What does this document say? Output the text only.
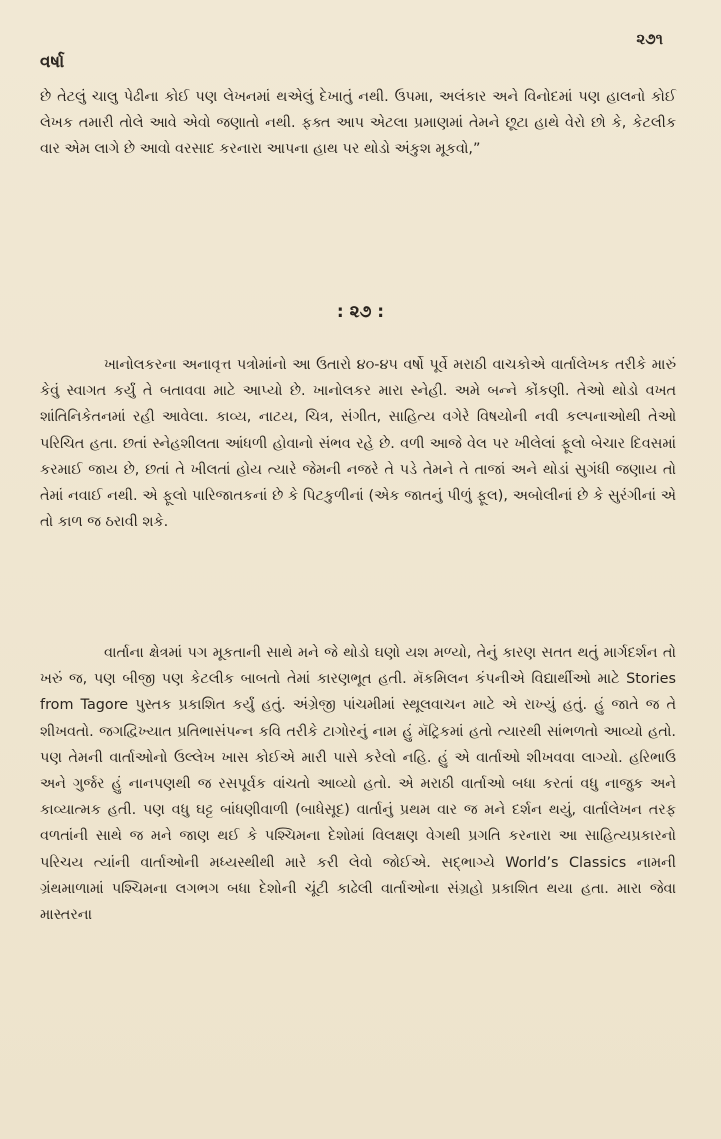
વર્ષા
૨૭૧

છે તેટલું ચાલુ પેઢીના કોઈ પણ લેખનમાં થએલું દેખાતું નથી. ઉપમા, અલંકાર અને વિનોદમાં પણ હાલનો કોઈ લેખક તમારી તોલે આવે એવો જણાતો નથી. ફક્ત આપ એટલા પ્રમાણમાં તેમને છૂટા હાથે વેરો છો કે, કેટલીક વાર એમ લાગે છે આવો વરસાદ કરનારા આપના હાથ પર થોડો અંકુશ મૂકવો,”

: ૨૭ :

ખાનોલકરના અનાવૃત્ત પત્રોમાંનો આ ઉતારો ૪૦-૪૫ વર્ષો પૂર્વે મરાઠી વાચકોએ વાર્તાલેખક તરીકે મારું કેવું સ્વાગત કર્યું તે બતાવવા માટે આપ્યો છે. ખાનોલકર મારા સ્નેહી. અમે બન્ને કોંકણી. તેઓ થોડો વખત શાંતિનિકેતનમાં રહી આવેલા. કાવ્ય, નાટય, ચિત્ર, સંગીત, સાહિત્ય વગેરે વિષયોની નવી કલ્પનાઓથી તેઓ પરિચિત હતા. છતાં સ્નેહશીલતા આંધળી હોવાનો સંભવ રહે છે. વળી આજે વેલ પર ખીલેલાં ફૂલો બેચાર દિવસમાં કરમાઈ જાય છે, છતાં તે ખીલતાં હોય ત્યારે જેમની નજરે તે પડે તેમને તે તાજાં અને થોડાં સુગંધી જણાય તો તેમાં નવાઈ નથી. એ ફૂલો પારિજાતકનાં છે કે પિટકુળીનાં (એક જાતનું પીળું ફૂલ), અબોલીનાં છે કે સુરંગીનાં એ તો કાળ જ ઠરાવી શકે.

વાર્તાના ક્ષેત્રમાં પગ મૂકતાની સાથે મને જે થોડો ઘણો યશ મળ્યો, તેનું કારણ સતત થતું માર્ગદર્શન તો ખરું જ, પણ બીજી પણ કેટલીક બાબતો તેમાં કારણભૂત હતી. મૅકમિલન કંપનીએ વિદ્યાર્થીઓ માટે Stories from Tagore પુસ્તક પ્રકાશિત કર્યું હતું. અંગ્રેજી પાંચમીમાં સ્થૂલવાચન માટે એ રાખ્યું હતું. હું જાતે જ તે શીખવતો. જગદ્વિખ્યાત પ્રતિભાસંપન્ન કવિ તરીકે ટાગોરનું નામ હું મૅટ્રિકમાં હતો ત્યારથી સાંભળતો આવ્યો હતો. પણ તેમની વાર્તાઓનો ઉલ્લેખ ખાસ કોઈએ મારી પાસે કરેલો નહિ. હું એ વાર્તાઓ શીખવવા લાગ્યો. હરિભાઉ અને ગુર્જર હું નાનપણથી જ રસપૂર્વક વાંચતો આવ્યો હતો. એ મરાઠી વાર્તાઓ બધા કરતાં વધુ નાજુક અને કાવ્યાત્મક હતી. પણ વધુ ઘટ્ટ બાંધણીવાળી (બાધેસૂદ) વાર્તાનું પ્રથમ વાર જ મને દર્શન થયું, વાર્તાલેખન તરફ વળતાંની સાથે જ મને જાણ થઈ કે પશ્ચિમના દેશોમાં વિલક્ષણ વેગથી પ્રગતિ કરનારા આ સાહિત્યપ્રકારનો પરિચય ત્યાંની વાર્તાઓની મધ્યસ્થીથી મારે કરી લેવો જોઈએ. સદ્ભાગ્યે World’s Classics નામની ગ્રંથમાળામાં પશ્ચિમના લગભગ બધા દેશોની ચૂંટી કાઢેલી વાર્તાઓના સંગ્રહો પ્રકાશિત થયા હતા. મારા જેવા માસ્તરના
